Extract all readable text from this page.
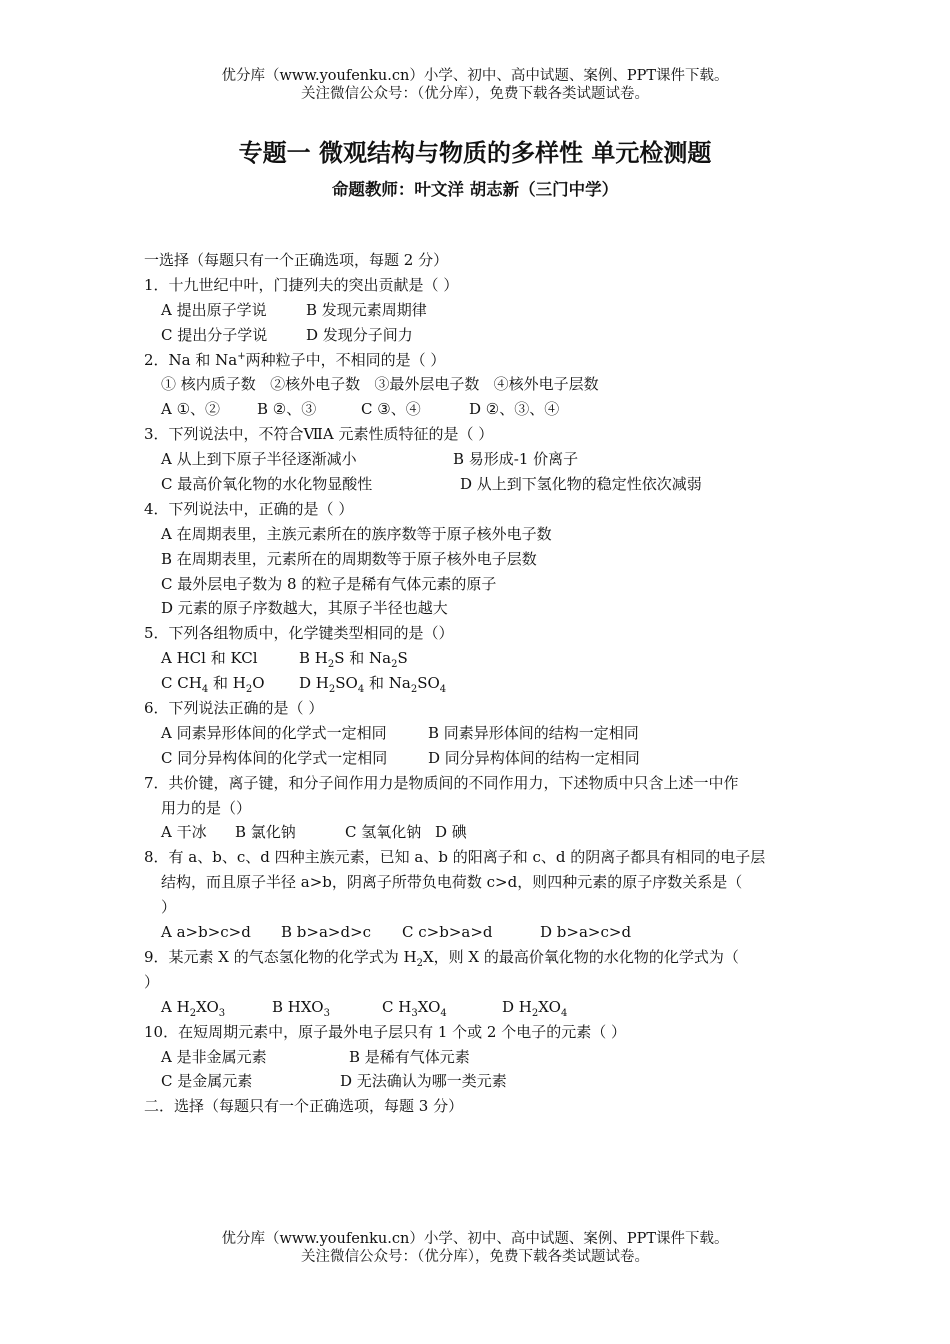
优分库（www.youfenku.cn）小学、初中、高中试题、案例、PPT课件下载。
关注微信公众号：（优分库），免费下载各类试题试卷。
专题一 微观结构与物质的多样性 单元检测题
命题教师：叶文洋 胡志新（三门中学）
一选择（每题只有一个正确选项，每题 2 分）
1．十九世纪中叶，门捷列夫的突出贡献是（ ）
A 提出原子学说	B 发现元素周期律
C 提出分子学说	D 发现分子间力
2．Na 和 Na+两种粒子中，不相同的是（ ）
① 核内质子数   ②核外电子数   ③最外层电子数   ④核外电子层数
A ①、② B ②、③	C ③、④	D ②、③、④
3．下列说法中，不符合ⅦA 元素性质特征的是（ ）
A 从上到下原子半径逐渐减小	B 易形成-1 价离子
C 最高价氧化物的水化物显酸性	D 从上到下氢化物的稳定性依次减弱
4．下列说法中，正确的是（ ）
A 在周期表里，主族元素所在的族序数等于原子核外电子数
B 在周期表里，元素所在的周期数等于原子核外电子层数
C 最外层电子数为 8 的粒子是稀有气体元素的原子
D 元素的原子序数越大，其原子半径也越大
5．下列各组物质中，化学键类型相同的是（）
A HCl 和 KCl	B $H_2S$ 和 $Na_2S$
C $CH_4$ 和 $H_2O$ D $H_2SO_4$ 和 $Na_2SO_4$
6．下列说法正确的是（ ）
A 同素异形体间的化学式一定相同	B 同素异形体间的结构一定相同
C 同分异构体间的化学式一定相同	D 同分异构体间的结构一定相同
7．共价键，离子键，和分子间作用力是物质间的不同作用力，下述物质中只含上述一中作
用力的是（）
A 干冰 B 氯化钠	C 氢氧化钠 D 碘
8．有 a、b、c、d 四种主族元素，已知 a、b 的阳离子和 c、d 的阴离子都具有相同的电子层
结构，而且原子半径 a>b，阴离子所带负电荷数 c>d，则四种元素的原子序数关系是（
）
A a>b>c>d B b>a>d>c C c>b>a>d	D b>a>c>d
9．某元素 X 的气态氢化物的化学式为 $H_2X$，则 X 的最高价氧化物的水化物的化学式为（
）
A $H_2XO_3$	B $HXO_3$	C $H_3XO_4$	D $H_2XO_4$
10．在短周期元素中，原子最外电子层只有 1 个或 2 个电子的元素（ ）
A 是非金属元素	B 是稀有气体元素
C 是金属元素	D 无法确认为哪一类元素
二．选择（每题只有一个正确选项，每题 3 分）
优分库（www.youfenku.cn）小学、初中、高中试题、案例、PPT课件下载。
关注微信公众号：（优分库），免费下载各类试题试卷。
